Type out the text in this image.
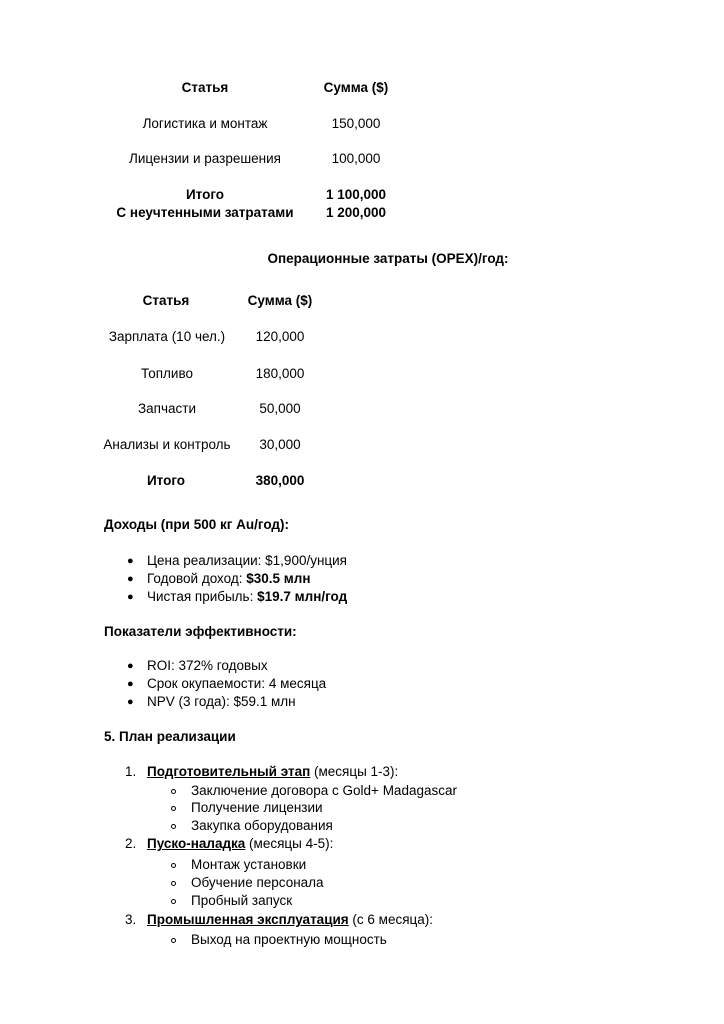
Статья	Сумма ($)
Логистика и монтаж	150,000
Лицензии и разрешения	100,000
Итого	1 100,000
С неучтенными затратами	1 200,000
Операционные затраты (OPEX)/год:
Статья	Сумма ($)
Зарплата (10 чел.)	120,000
Топливо	180,000
Запчасти	50,000
Анализы и контроль	30,000
Итого	380,000
Доходы (при 500 кг Au/год):
● Цена реализации: $1,900/унция
● Годовой доход: $30.5 млн
● Чистая прибыль: $19.7 млн/год
Показатели эффективности:
● ROI: 372% годовых
● Срок окупаемости: 4 месяца
● NPV (3 года): $59.1 млн
5. План реализации
1. Подготовительный этап (месяцы 1-3):
Заключение договора с Gold+ Madagascar
Получение лицензии
Закупка оборудования
2. Пуско-наладка (месяцы 4-5):
Монтаж установки
Обучение персонала
Пробный запуск
3. Промышленная эксплуатация (с 6 месяца):
Выход на проектную мощность
